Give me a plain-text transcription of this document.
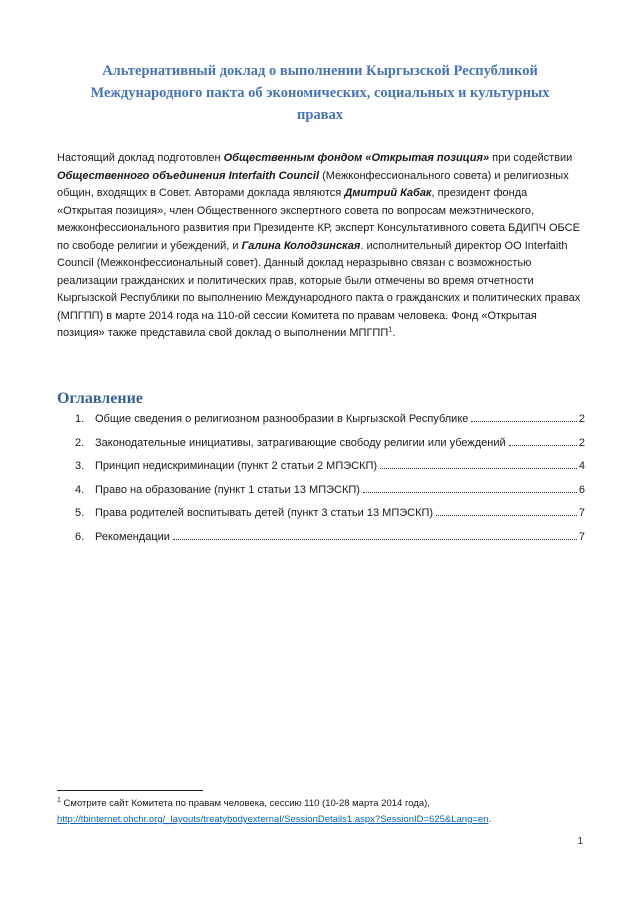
Альтернативный доклад о выполнении Кыргызской Республикой
Международного пакта об экономических, социальных и культурных
правах

Настоящий доклад подготовлен Общественным фондом «Открытая позиция» при содействии Общественного объединения Interfaith Council (Межконфессионального совета) и религиозных общин, входящих в Совет. Авторами доклада являются Дмитрий Кабак, президент фонда «Открытая позиция», член Общественного экспертного совета по вопросам межэтнического, межконфессионального развития при Президенте КР, эксперт Консультативного совета БДИПЧ ОБСЕ по свободе религии и убеждений, и Галина Колодзинская. исполнительный директор ОО Interfaith Council (Межконфессиональный совет). Данный доклад неразрывно связан с возможностью реализации гражданских и политических прав, которые были отмечены во время отчетности Кыргызской Республики по выполнению Международного пакта о гражданских и политических правах (МПГПП) в марте 2014 года на 110-ой сессии Комитета по правам человека. Фонд «Открытая позиция» также представила свой доклад о выполнении МПГПП$^1$.

Оглавление
1. Общие сведения о религиозном разнообразии в Кыргызской Республике	2
2. Законодательные инициативы, затрагивающие свободу религии или убеждений	2
3. Принцип недискриминации (пункт 2 статьи 2 МПЭСКП)	4
4. Право на образование (пункт 1 статьи 13 МПЭСКП)	6
5. Права родителей воспитывать детей (пункт 3 статьи 13 МПЭСКП)	7
6. Рекомендации	7
$^1$ Смотрите сайт Комитета по правам человека, сессию 110 (10-28 марта 2014 года),
http://tbinternet.ohchr.org/_layouts/treatybodyexternal/SessionDetails1.aspx?SessionID=625&Lang=en.
1
